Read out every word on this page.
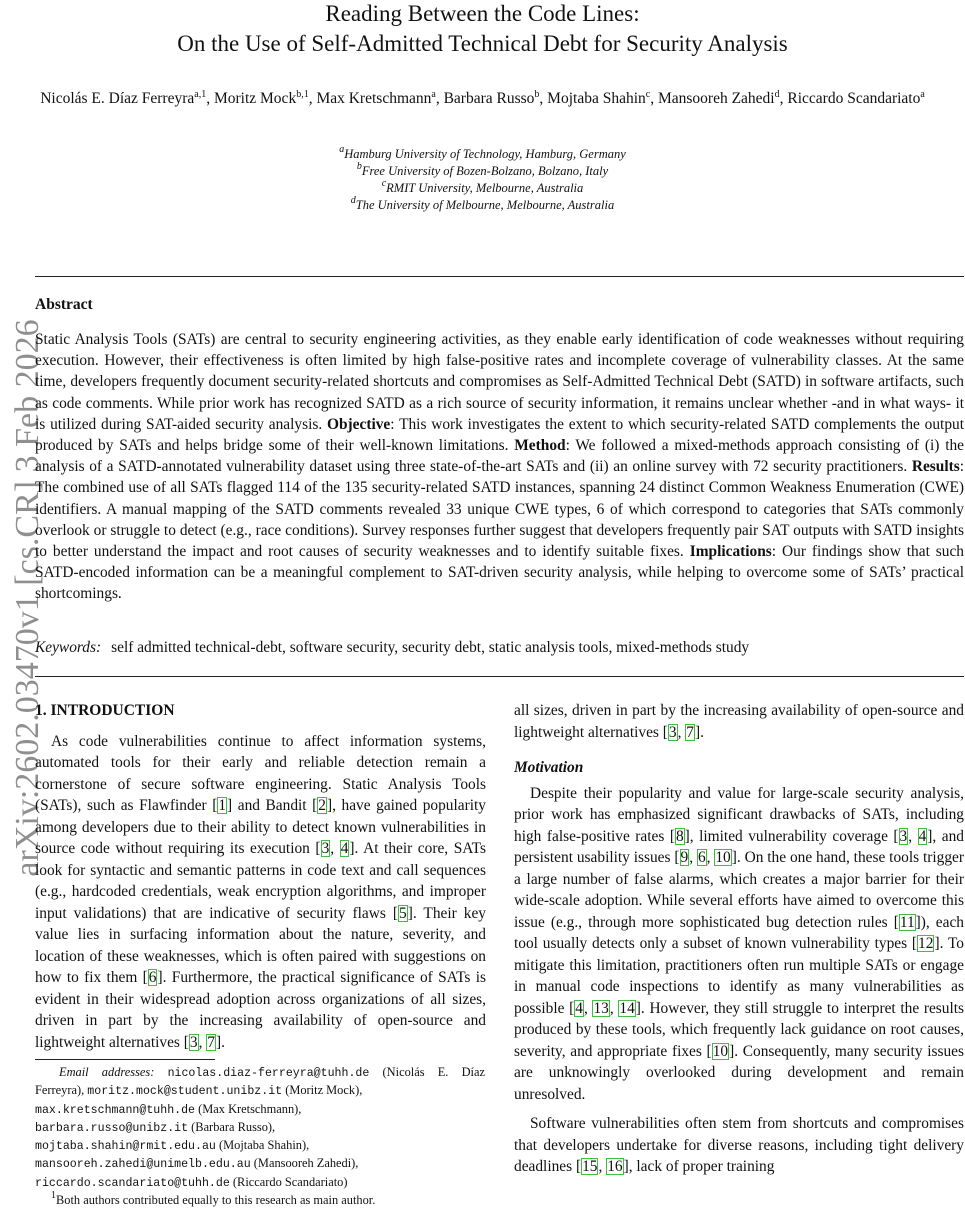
Reading Between the Code Lines:
On the Use of Self-Admitted Technical Debt for Security Analysis
Nicolás E. Díaz Ferreyra$^{a,1}$, Moritz Mock$^{b,1}$, Max Kretschmann$^a$, Barbara Russo$^b$, Mojtaba Shahin$^c$, Mansooreh Zahedi$^d$, Riccardo Scandariato$^a$
$^a$Hamburg University of Technology, Hamburg, Germany
$^b$Free University of Bozen-Bolzano, Bolzano, Italy
$^c$RMIT University, Melbourne, Australia
$^d$The University of Melbourne, Melbourne, Australia
arXiv:2602.03470v1 [cs.CR] 3 Feb 2026
Abstract

Static Analysis Tools (SATs) are central to security engineering activities, as they enable early identification of code weaknesses without requiring execution. However, their effectiveness is often limited by high false-positive rates and incomplete coverage of vulnerability classes. At the same time, developers frequently document security-related shortcuts and compromises as Self-Admitted Technical Debt (SATD) in software artifacts, such as code comments. While prior work has recognized SATD as a rich source of security information, it remains unclear whether -and in what ways- it is utilized during SAT-aided security analysis. Objective: This work investigates the extent to which security-related SATD complements the output produced by SATs and helps bridge some of their well-known limitations. Method: We followed a mixed-methods approach consisting of (i) the analysis of a SATD-annotated vulnerability dataset using three state-of-the-art SATs and (ii) an online survey with 72 security practitioners. Results: The combined use of all SATs flagged 114 of the 135 security-related SATD instances, spanning 24 distinct Common Weakness Enumeration (CWE) identifiers. A manual mapping of the SATD comments revealed 33 unique CWE types, 6 of which correspond to categories that SATs commonly overlook or struggle to detect (e.g., race conditions). Survey responses further suggest that developers frequently pair SAT outputs with SATD insights to better understand the impact and root causes of security weaknesses and to identify suitable fixes. Implications: Our findings show that such SATD-encoded information can be a meaningful complement to SAT-driven security analysis, while helping to overcome some of SATs’ practical shortcomings.

Keywords: self admitted technical-debt, software security, security debt, static analysis tools, mixed-methods study
1. INTRODUCTION

As code vulnerabilities continue to affect information systems, automated tools for their early and reliable detection remain a cornerstone of secure software engineering. Static Analysis Tools (SATs), such as Flawfinder [1] and Bandit [2], have gained popularity among developers due to their ability to detect known vulnerabilities in source code without requiring its execution [3, 4]. At their core, SATs look for syntactic and semantic patterns in code text and call sequences (e.g., hardcoded credentials, weak encryption algorithms, and improper input validations) that are indicative of security flaws [5]. Their key value lies in surfacing information about the nature, severity, and location of these weaknesses, which is often paired with suggestions on how to fix them [6]. Furthermore, the practical significance of SATs is evident in their widespread adoption across organizations of all sizes, driven in part by the increasing availability of open-source and lightweight alternatives [3, 7].

all sizes, driven in part by the increasing availability of open-source and lightweight alternatives [3, 7].

Motivation

Despite their popularity and value for large-scale security analysis, prior work has emphasized significant drawbacks of SATs, including high false-positive rates [8], limited vulnerability coverage [3, 4], and persistent usability issues [9, 6, 10]. On the one hand, these tools trigger a large number of false alarms, which creates a major barrier for their wide-scale adoption. While several efforts have aimed to overcome this issue (e.g., through more sophisticated bug detection rules [11]), each tool usually detects only a subset of known vulnerability types [12]. To mitigate this limitation, practitioners often run multiple SATs or engage in manual code inspections to identify as many vulnerabilities as possible [4, 13, 14]. However, they still struggle to interpret the results produced by these tools, which frequently lack guidance on root causes, severity, and appropriate fixes [10]. Consequently, many security issues are unknowingly overlooked during development and remain unresolved.

Software vulnerabilities often stem from shortcuts and compromises that developers undertake for diverse reasons, including tight delivery deadlines [15, 16], lack of proper training

Email addresses: nicolas.diaz-ferreyra@tuhh.de (Nicolás E. Díaz Ferreyra), moritz.mock@student.unibz.it (Moritz Mock),
max.kretschmann@tuhh.de (Max Kretschmann),
barbara.russo@unibz.it (Barbara Russo),
mojtaba.shahin@rmit.edu.au (Mojtaba Shahin),
mansooreh.zahedi@unimelb.edu.au (Mansooreh Zahedi),
riccardo.scandariato@tuhh.de (Riccardo Scandariato)

$^1$Both authors contributed equally to this research as main author.
